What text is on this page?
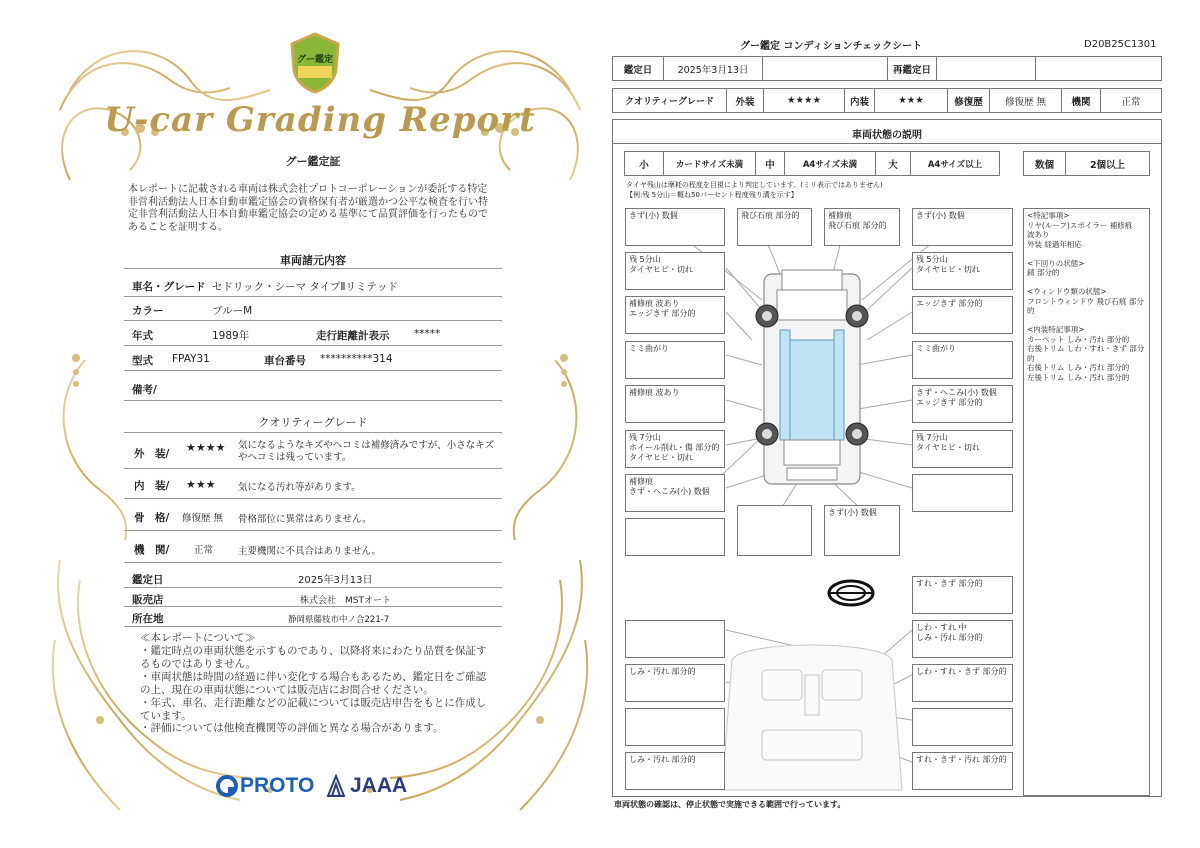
グー鑑定
U-car Grading Report
グー鑑定証
本レポートに記載される車両は株式会社プロトコーポレーションが委託する特定非営利活動法人日本自動車鑑定協会の資格保有者が厳選かつ公平な検査を行い特定非営利活動法人日本自動車鑑定協会の定める基準にて品質評価を行ったものであることを証明する。
車両諸元内容
車名・グレード セドリック・シーマ タイプⅡリミテッド
カラー	ブルーM
年式	1989年	走行距離計表示 *****
型式 FPAY31	車台番号 **********314
備考/
クオリティーグレード
外　装/ ★★★★ 気になるようなキズやヘコミは補修済みですが、小さなキズやヘコミは残っています。
内　装/ ★★★ 気になる汚れ等があります。
骨　格/ 修復歴 無 骨格部位に異常はありません。
機　関/	正常	主要機関に不具合はありません。
鑑定日	2025年3月13日
販売店	株式会社　MSTオート
所在地	静岡県藤枝市中ノ合221-7
≪本レポートについて≫
・鑑定時点の車両状態を示すものであり、以降将来にわたり品質を保証するものではありません。
・車両状態は時間の経過に伴い変化する場合もあるため、鑑定日をご確認の上、現在の車両状態については販売店にお問合せください。
・年式、車名、走行距離などの記載については販売店申告をもとに作成しています。
・評価については他検査機関等の評価と異なる場合があります。
PROTO JAAA
グー鑑定 コンディションチェックシート	D20B25C1301
鑑定日	2025年3月13日	再鑑定日
クオリティーグレード 外装	★★★★	内装	★★★	修復歴 修復歴 無	機関	正常
車両状態の説明
小	カードサイズ未満 中	A4サイズ未満	大	A4サイズ以上	数個	2個以上
タイヤ残山は摩耗の程度を目視により判定しています。(ミリ表示ではありません)
【例:残 5分山＝概ね50パーセント程度残り溝を示す】
きず(小) 数個	飛び石痕 部分的	補修痕
飛び石痕 部分的
きず(小) 数個
残 5分山
タイヤヒビ・切れ
残 5分山
タイヤヒビ・切れ
補修痕 波あり
エッジきず 部分的
エッジきず 部分的
ミミ曲がり	ミミ曲がり
補修痕 波あり	きず・へこみ(小) 数個
エッジきず 部分的
残 7分山
ホイール削れ・傷 部分的
タイヤヒビ・切れ
残 7分山
タイヤヒビ・切れ
補修痕
きず・へこみ(小) 数個
きず(小) 数個
<特記事項>
リヤ(ルーフ)スポイラー 補修痕
波あり
外装 経過年相応

<下回りの状態>
錆 部分的

<ウィンドウ類の状態>
フロントウィンドウ 飛び石痕 部分的

<内装特記事項>
カーペット しみ・汚れ 部分的
右後トリム しわ・すれ・きず 部分的
右後トリム しみ・汚れ 部分的
左後トリム しみ・汚れ 部分的
すれ・きず 部分的
しわ・すれ 中
しみ・汚れ 部分的
しみ・汚れ 部分的	しわ・すれ・きず 部分的
しみ・汚れ 部分的	すれ・きず・汚れ 部分的
車両状態の確認は、停止状態で実施できる範囲で行っています。
